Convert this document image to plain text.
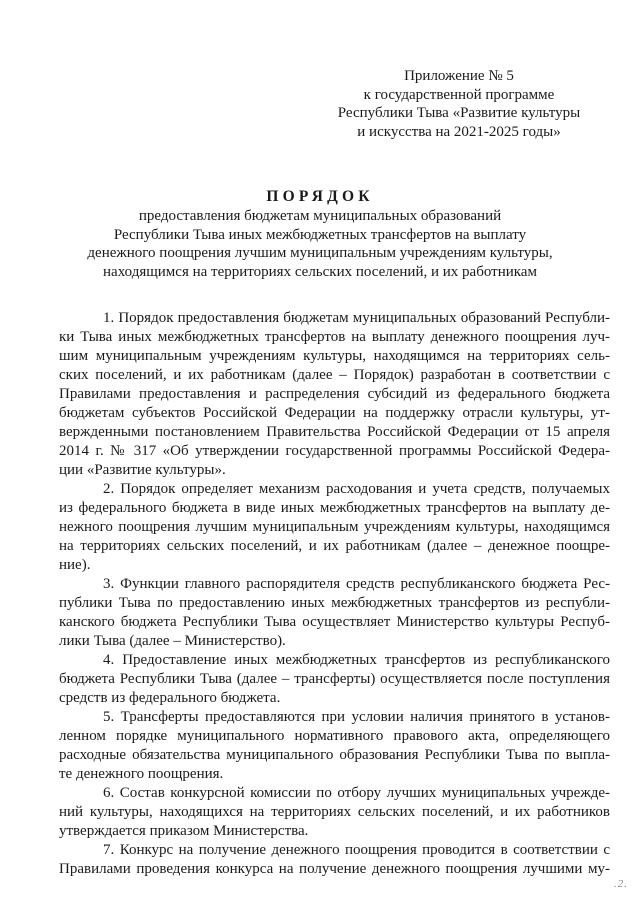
Приложение № 5
к государственной программе
Республики Тыва «Развитие культуры
и искусства на 2021-2025 годы»
ПОРЯДОК
предоставления бюджетам муниципальных образований
Республики Тыва иных межбюджетных трансфертов на выплату
денежного поощрения лучшим муниципальным учреждениям культуры,
находящимся на территориях сельских поселений, и их работникам
1. Порядок предоставления бюджетам муниципальных образований Республи-
ки Тыва иных межбюджетных трансфертов на выплату денежного поощрения луч-
шим муниципальным учреждениям культуры, находящимся на территориях сель-
ских поселений, и их работникам (далее – Порядок) разработан в соответствии с
Правилами предоставления и распределения субсидий из федерального бюджета
бюджетам субъектов Российской Федерации на поддержку отрасли культуры, ут-
вержденными постановлением Правительства Российской Федерации от 15 апреля
2014 г. № 317 «Об утверждении государственной программы Российской Федера-
ции «Развитие культуры».
2. Порядок определяет механизм расходования и учета средств, получаемых
из федерального бюджета в виде иных межбюджетных трансфертов на выплату де-
нежного поощрения лучшим муниципальным учреждениям культуры, находящимся
на территориях сельских поселений, и их работникам (далее – денежное поощре-
ние).
3. Функции главного распорядителя средств республиканского бюджета Рес-
публики Тыва по предоставлению иных межбюджетных трансфертов из республи-
канского бюджета Республики Тыва осуществляет Министерство культуры Респуб-
лики Тыва (далее – Министерство).
4. Предоставление иных межбюджетных трансфертов из республиканского
бюджета Республики Тыва (далее – трансферты) осуществляется после поступления
средств из федерального бюджета.
5. Трансферты предоставляются при условии наличия принятого в установ-
ленном порядке муниципального нормативного правового акта, определяющего
расходные обязательства муниципального образования Республики Тыва по выпла-
те денежного поощрения.
6. Состав конкурсной комиссии по отбору лучших муниципальных учрежде-
ний культуры, находящихся на территориях сельских поселений, и их работников
утверждается приказом Министерства.
7. Конкурс на получение денежного поощрения проводится в соответствии с
Правилами проведения конкурса на получение денежного поощрения лучшими му-
.2.
